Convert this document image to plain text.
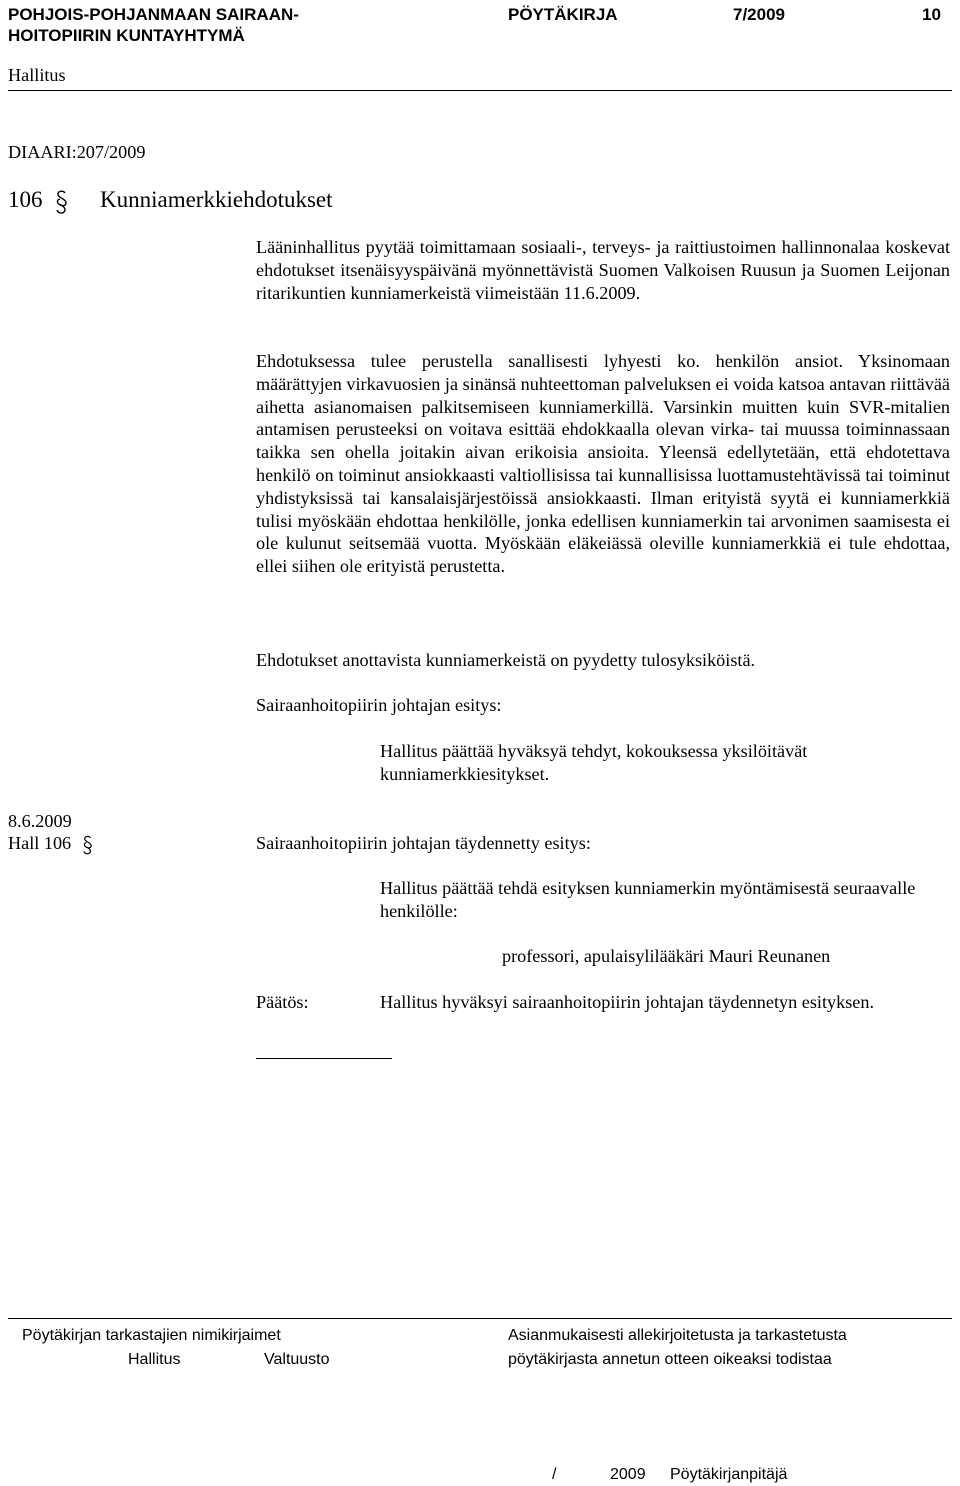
POHJOIS-POHJANMAAN SAIRAAN-
HOITOPIIRIN KUNTAYHTYMÄ
PÖYTÄKIRJA	7/2009	10
Hallitus
DIAARI:207/2009
106	Kunniamerkkiehdotukset
Lääninhallitus pyytää toimittamaan sosiaali-, terveys- ja raittiustoimen hallinnonalaa koskevat ehdotukset itsenäisyyspäivänä myönnettävistä Suomen Valkoisen Ruusun ja Suomen Leijonan ritarikuntien kunniamerkeistä viimeistään 11.6.2009.
Ehdotuksessa tulee perustella sanallisesti lyhyesti ko. henkilön ansiot. Yksinomaan määrättyjen virkavuosien ja sinänsä nuhteettoman palveluksen ei voida katsoa antavan riittävää aihetta asianomaisen palkitsemiseen kunniamerkillä. Varsinkin muitten kuin SVR-mitalien antamisen perusteeksi on voitava esittää ehdokkaalla olevan virka- tai muussa toiminnassaan taikka sen ohella joitakin aivan erikoisia ansioita. Yleensä edellytetään, että ehdotettava henkilö on toiminut ansiokkaasti valtiollisissa tai kunnallisissa luottamustehtävissä tai toiminut yhdistyksissä tai kansalaisjärjestöissä ansiokkaasti. Ilman erityistä syytä ei kunniamerkkiä tulisi myöskään ehdottaa henkilölle, jonka edellisen kunniamerkin tai arvonimen saamisesta ei ole kulunut seitsemää vuotta. Myöskään eläkeiässä oleville kunniamerkkiä ei tule ehdottaa, ellei siihen ole erityistä perustetta.
Ehdotukset anottavista kunniamerkeistä on pyydetty tulosyksiköistä.
Sairaanhoitopiirin johtajan esitys:
Hallitus päättää hyväksyä tehdyt, kokouksessa yksilöitävät kunniamerkkiesitykset.
8.6.2009
Hall 106	Sairaanhoitopiirin johtajan täydennetty esitys:
Hallitus päättää tehdä esityksen kunniamerkin myöntämisestä seuraavalle henkilölle:
professori, apulaisylilääkäri Mauri Reunanen
Päätös:	Hallitus hyväksyi sairaanhoitopiirin johtajan täydennetyn esityksen.
Pöytäkirjan tarkastajien nimikirjaimet
Hallitus	Valtuusto
Asianmukaisesti allekirjoitetusta ja tarkastetusta
pöytäkirjasta annetun otteen oikeaksi todistaa
/	2009 Pöytäkirjanpitäjä
